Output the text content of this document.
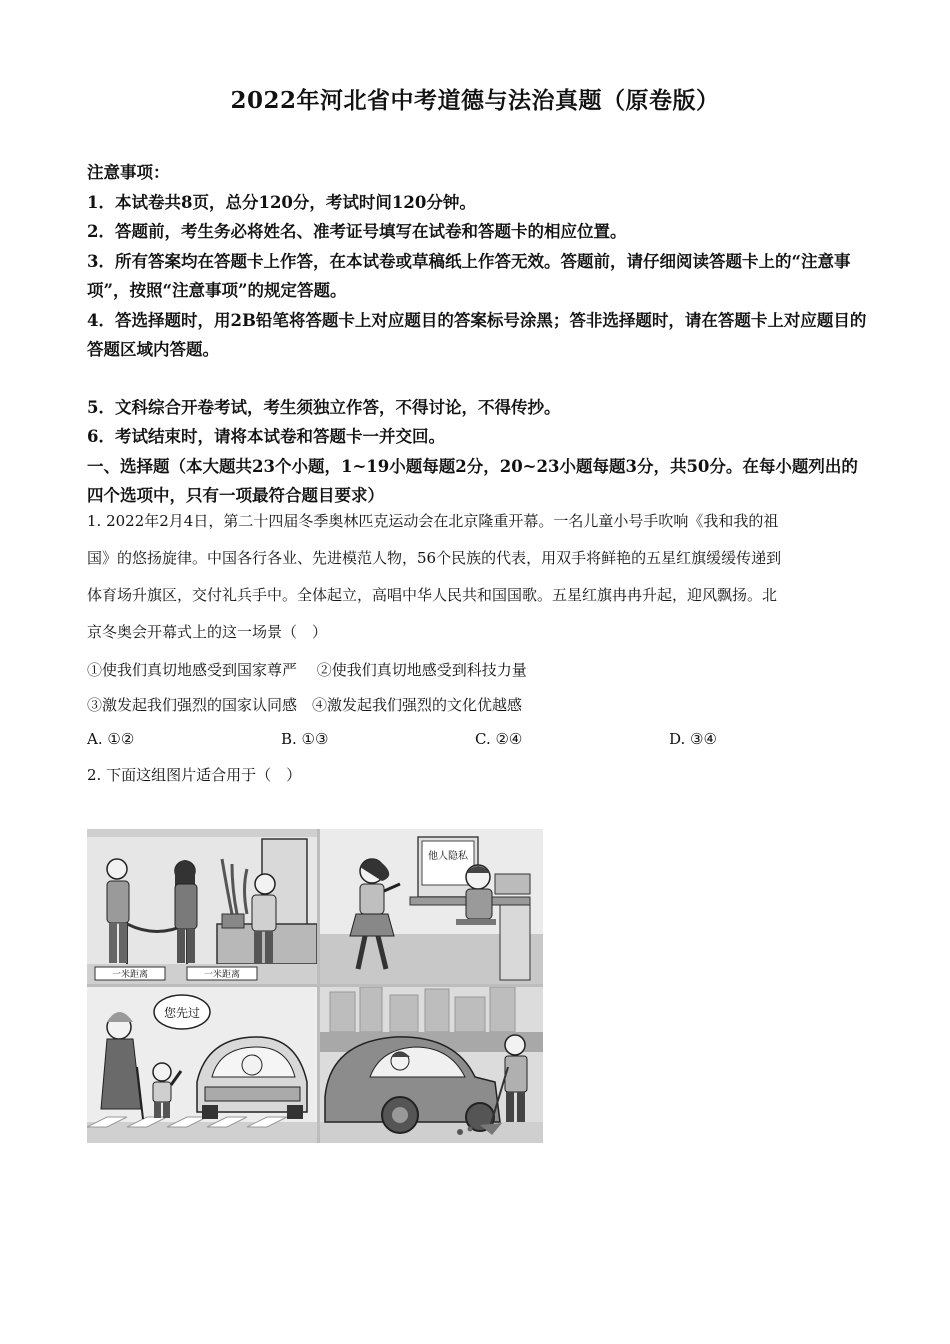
2022年河北省中考道德与法治真题（原卷版）

注意事项：

1．本试卷共8页，总分120分，考试时间120分钟。

2．答题前，考生务必将姓名、准考证号填写在试卷和答题卡的相应位置。

3．所有答案均在答题卡上作答，在本试卷或草稿纸上作答无效。答题前，请仔细阅读答题卡上的“注意事项”，按照“注意事项”的规定答题。

4．答选择题时，用2B铅笔将答题卡上对应题目的答案标号涂黑；答非选择题时，请在答题卡上对应题目的答题区域内答题。

5．文科综合开卷考试，考生须独立作答，不得讨论，不得传抄。

6．考试结束时，请将本试卷和答题卡一并交回。

一、选择题（本大题共23个小题，1~19小题每题2分，20~23小题每题3分，共50分。在每小题列出的四个选项中，只有一项最符合题目要求）

1. 2022年2月4日，第二十四届冬季奥林匹克运动会在北京隆重开幕。一名儿童小号手吹响《我和我的祖

国》的悠扬旋律。中国各行各业、先进模范人物，56个民族的代表，用双手将鲜艳的五星红旗缓缓传递到

体育场升旗区，交付礼兵手中。全体起立，高唱中华人民共和国国歌。五星红旗冉冉升起，迎风飘扬。北

京冬奥会开幕式上的这一场景（　）

①使我们真切地感受到国家尊严　 ②使我们真切地感受到科技力量

③激发起我们强烈的国家认同感　④激发起我们强烈的文化优越感

A. ①②	B. ①③	C. ②④	D. ③④

2. 下面这组图片适合用于（　）

一米距离	一米距离
他人隐私
您先过
